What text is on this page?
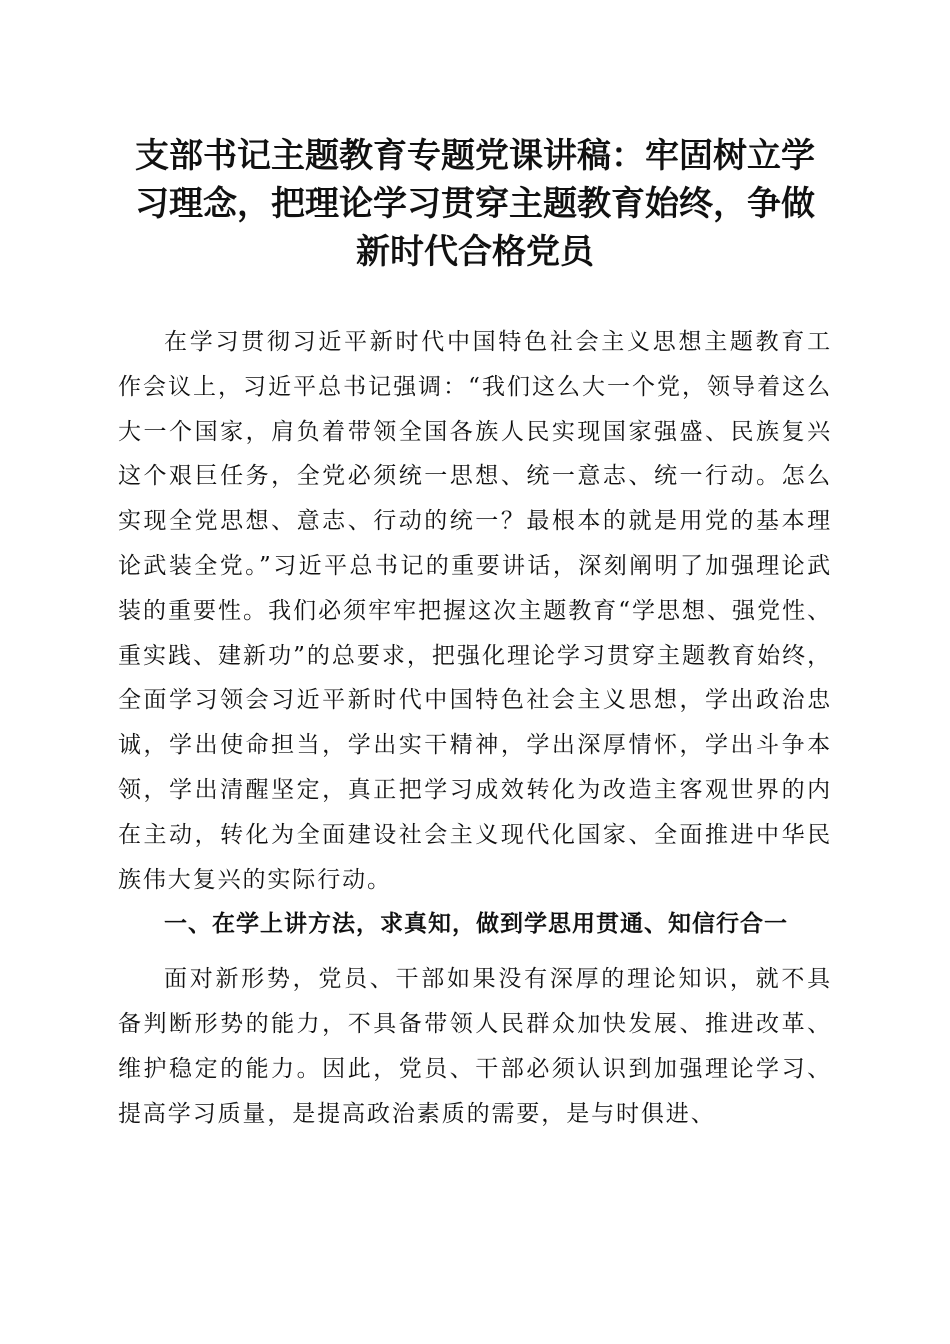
支部书记主题教育专题党课讲稿：牢固树立学
习理念，把理论学习贯穿主题教育始终，争做
新时代合格党员

在学习贯彻习近平新时代中国特色社会主义思想主题教育工作会议上，习近平总书记强调：“我们这么大一个党，领导着这么大一个国家，肩负着带领全国各族人民实现国家强盛、民族复兴这个艰巨任务，全党必须统一思想、统一意志、统一行动。怎么实现全党思想、意志、行动的统一？最根本的就是用党的基本理论武装全党。”习近平总书记的重要讲话，深刻阐明了加强理论武装的重要性。我们必须牢牢把握这次主题教育“学思想、强党性、重实践、建新功”的总要求，把强化理论学习贯穿主题教育始终，全面学习领会习近平新时代中国特色社会主义思想，学出政治忠诚，学出使命担当，学出实干精神，学出深厚情怀，学出斗争本领，学出清醒坚定，真正把学习成效转化为改造主客观世界的内在主动，转化为全面建设社会主义现代化国家、全面推进中华民族伟大复兴的实际行动。

一、在学上讲方法，求真知，做到学思用贯通、知信行合一

面对新形势，党员、干部如果没有深厚的理论知识，就不具备判断形势的能力，不具备带领人民群众加快发展、推进改革、维护稳定的能力。因此，党员、干部必须认识到加强理论学习、提高学习质量，是提高政治素质的需要，是与时俱进、
